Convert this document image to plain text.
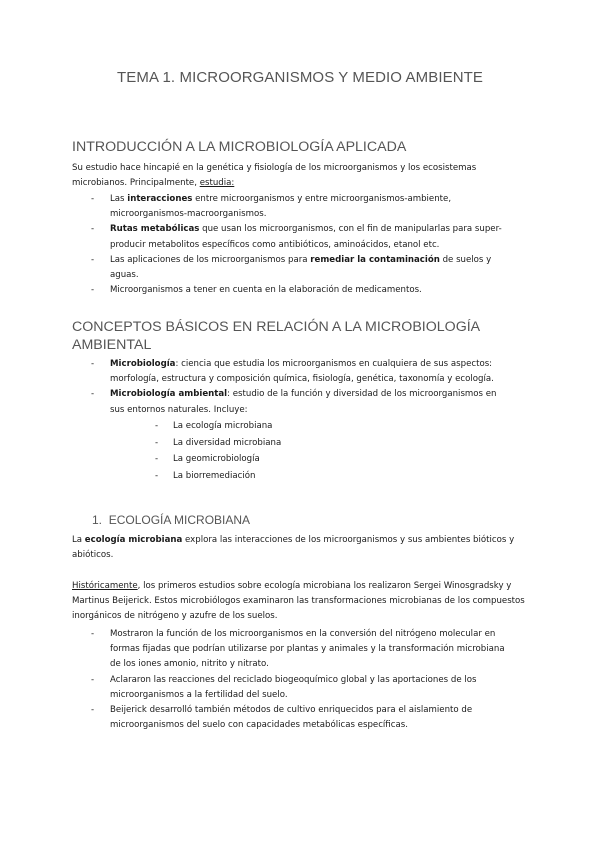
TEMA 1. MICROORGANISMOS Y MEDIO AMBIENTE
INTRODUCCIÓN A LA MICROBIOLOGÍA APLICADA

Su estudio hace hincapié en la genética y fisiología de los microorganismos y los ecosistemas microbianos. Principalmente, estudia:

- Las interacciones entre microorganismos y entre microorganismos-ambiente, microorganismos-macroorganismos.
- Rutas metabólicas que usan los microorganismos, con el fin de manipularlas para super-producir metabolitos específicos como antibióticos, aminoácidos, etanol etc.
- Las aplicaciones de los microorganismos para remediar la contaminación de suelos y aguas.
- Microorganismos a tener en cuenta en la elaboración de medicamentos.
CONCEPTOS BÁSICOS EN RELACIÓN A LA MICROBIOLOGÍA AMBIENTAL
- Microbiología: ciencia que estudia los microorganismos en cualquiera de sus aspectos: morfología, estructura y composición química, fisiología, genética, taxonomía y ecología.
- Microbiología ambiental: estudio de la función y diversidad de los microorganismos en sus entornos naturales. Incluye:
- La ecología microbiana
- La diversidad microbiana
- La geomicrobiología
- La biorremediación
1. ECOLOGÍA MICROBIANA

La ecología microbiana explora las interacciones de los microorganismos y sus ambientes bióticos y abióticos.

Históricamente, los primeros estudios sobre ecología microbiana los realizaron Sergei Winosgradsky y Martinus Beijerick. Estos microbiólogos examinaron las transformaciones microbianas de los compuestos inorgánicos de nitrógeno y azufre de los suelos.

- Mostraron la función de los microorganismos en la conversión del nitrógeno molecular en formas fijadas que podrían utilizarse por plantas y animales y la transformación microbiana de los iones amonio, nitrito y nitrato.
- Aclararon las reacciones del reciclado biogeoquímico global y las aportaciones de los microorganismos a la fertilidad del suelo.
- Beijerick desarrolló también métodos de cultivo enriquecidos para el aislamiento de microorganismos del suelo con capacidades metabólicas específicas.
